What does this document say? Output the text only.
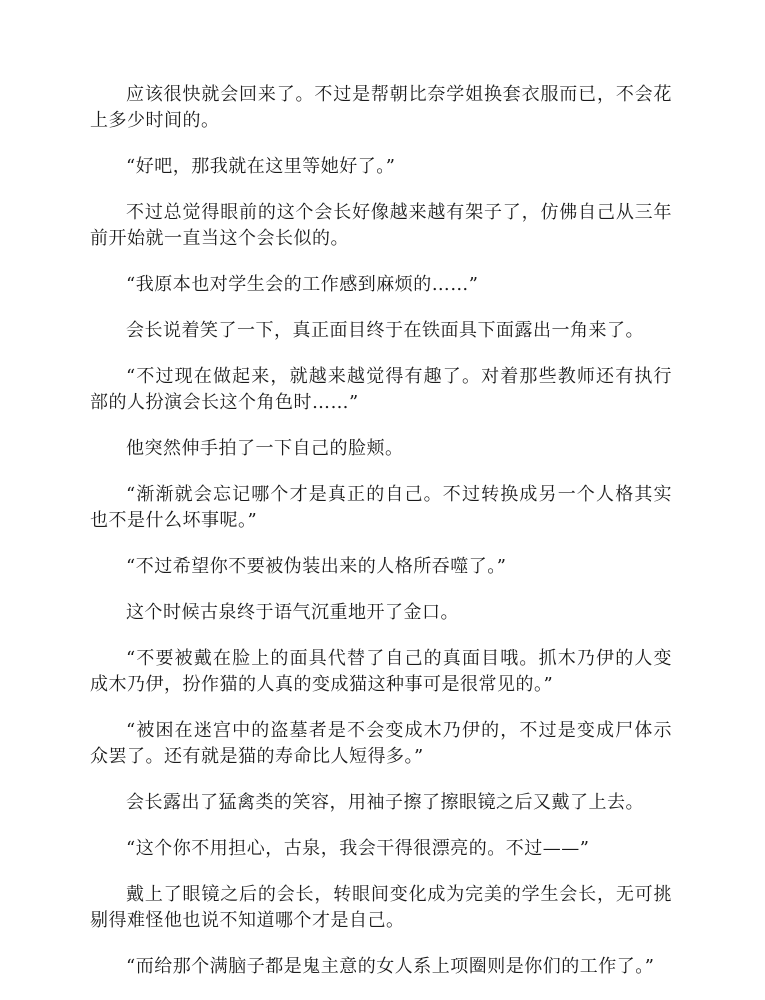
应该很快就会回来了。不过是帮朝比奈学姐换套衣服而已，不会花上多少时间的。

“好吧，那我就在这里等她好了。”

不过总觉得眼前的这个会长好像越来越有架子了，仿佛自己从三年前开始就一直当这个会长似的。

“我原本也对学生会的工作感到麻烦的……”

会长说着笑了一下，真正面目终于在铁面具下面露出一角来了。

“不过现在做起来，就越来越觉得有趣了。对着那些教师还有执行部的人扮演会长这个角色时……”

他突然伸手拍了一下自己的脸颊。

“渐渐就会忘记哪个才是真正的自己。不过转换成另一个人格其实也不是什么坏事呢。”

“不过希望你不要被伪装出来的人格所吞噬了。”

这个时候古泉终于语气沉重地开了金口。

“不要被戴在脸上的面具代替了自己的真面目哦。抓木乃伊的人变成木乃伊，扮作猫的人真的变成猫这种事可是很常见的。”

“被困在迷宫中的盗墓者是不会变成木乃伊的，不过是变成尸体示众罢了。还有就是猫的寿命比人短得多。”

会长露出了猛禽类的笑容，用袖子擦了擦眼镜之后又戴了上去。

“这个你不用担心，古泉，我会干得很漂亮的。不过——”

戴上了眼镜之后的会长，转眼间变化成为完美的学生会长，无可挑剔得难怪他也说不知道哪个才是自己。

“而给那个满脑子都是鬼主意的女人系上项圈则是你们的工作了。”
